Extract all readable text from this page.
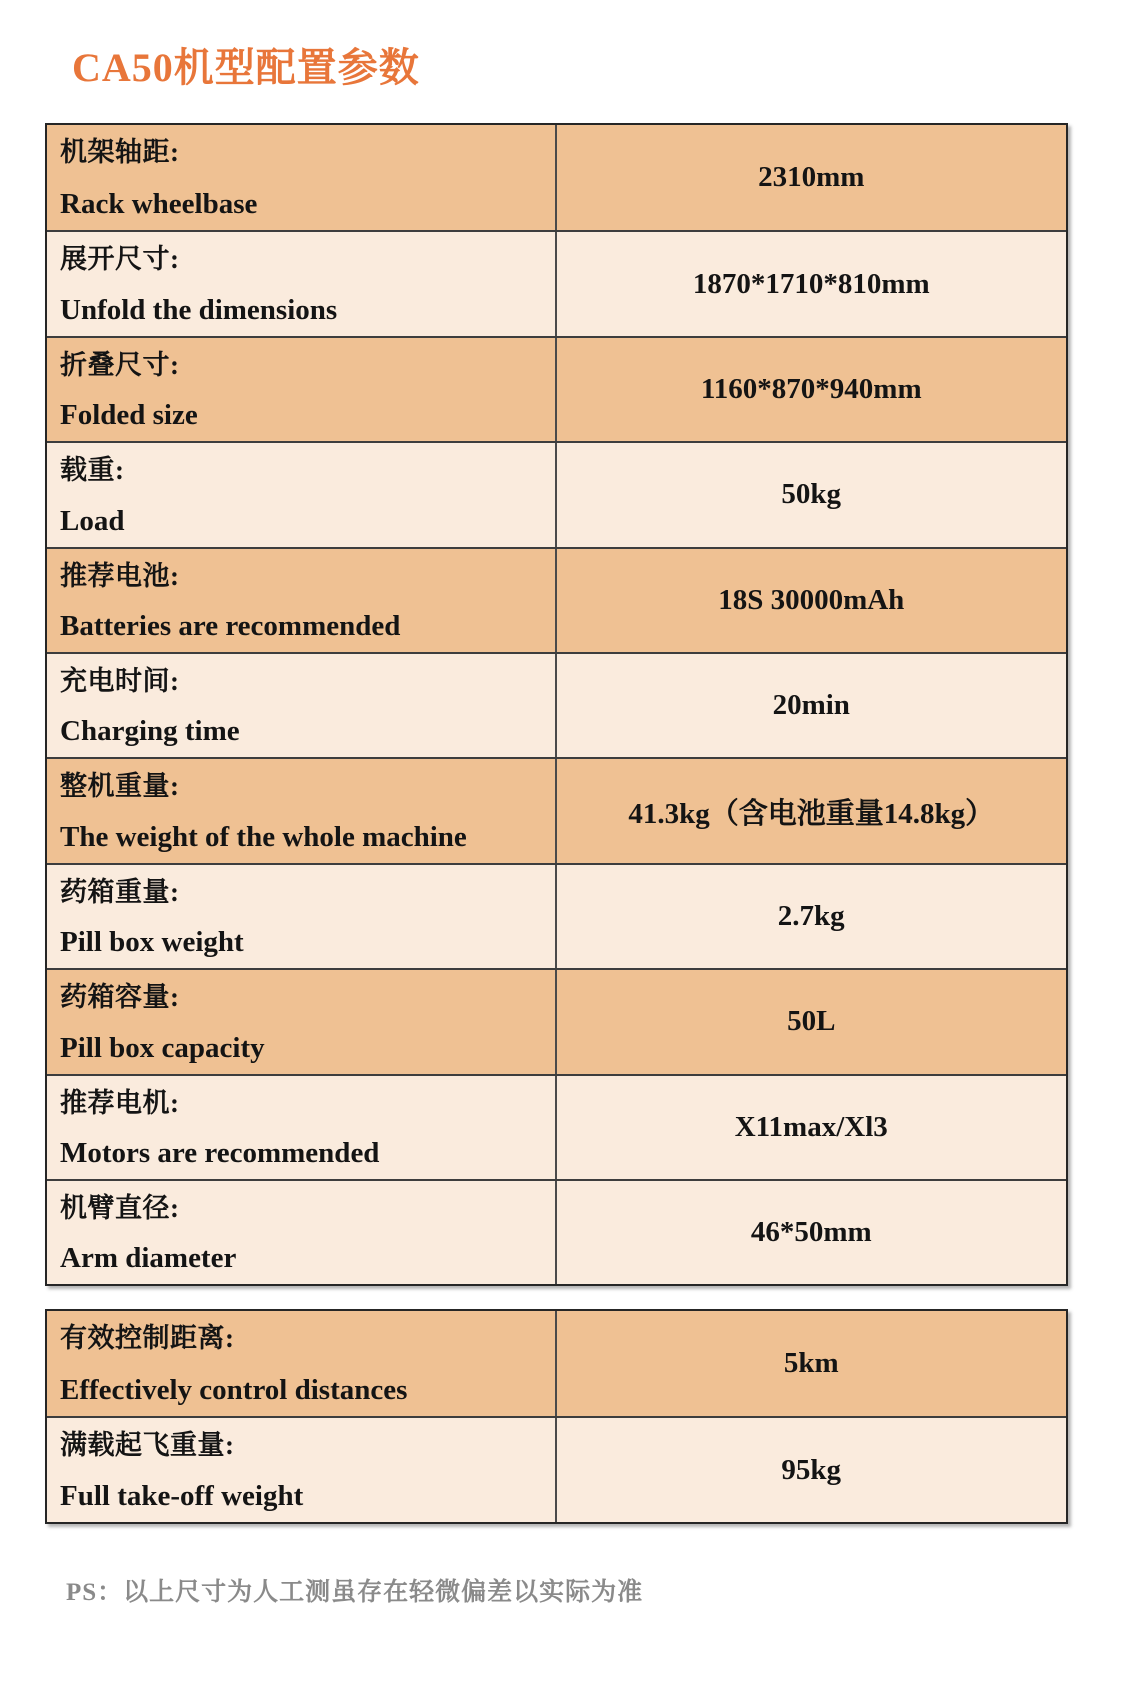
CA50机型配置参数
机架轴距:
Rack wheelbase
2310mm
展开尺寸:
Unfold the dimensions
1870*1710*810mm
折叠尺寸:
Folded size
1160*870*940mm
载重:
Load
50kg
推荐电池:
Batteries are recommended
18S 30000mAh
充电时间:
Charging time
20min
整机重量:
The weight of the whole machine
41.3kg（含电池重量14.8kg）
药箱重量:
Pill box weight
2.7kg
药箱容量:
Pill box capacity
50L
推荐电机:
Motors are recommended
X11max/Xl3
机臂直径:
Arm diameter
46*50mm
有效控制距离:
Effectively control distances
5km
满载起飞重量:
Full take-off weight
95kg
PS：以上尺寸为人工测虽存在轻微偏差以实际为准
